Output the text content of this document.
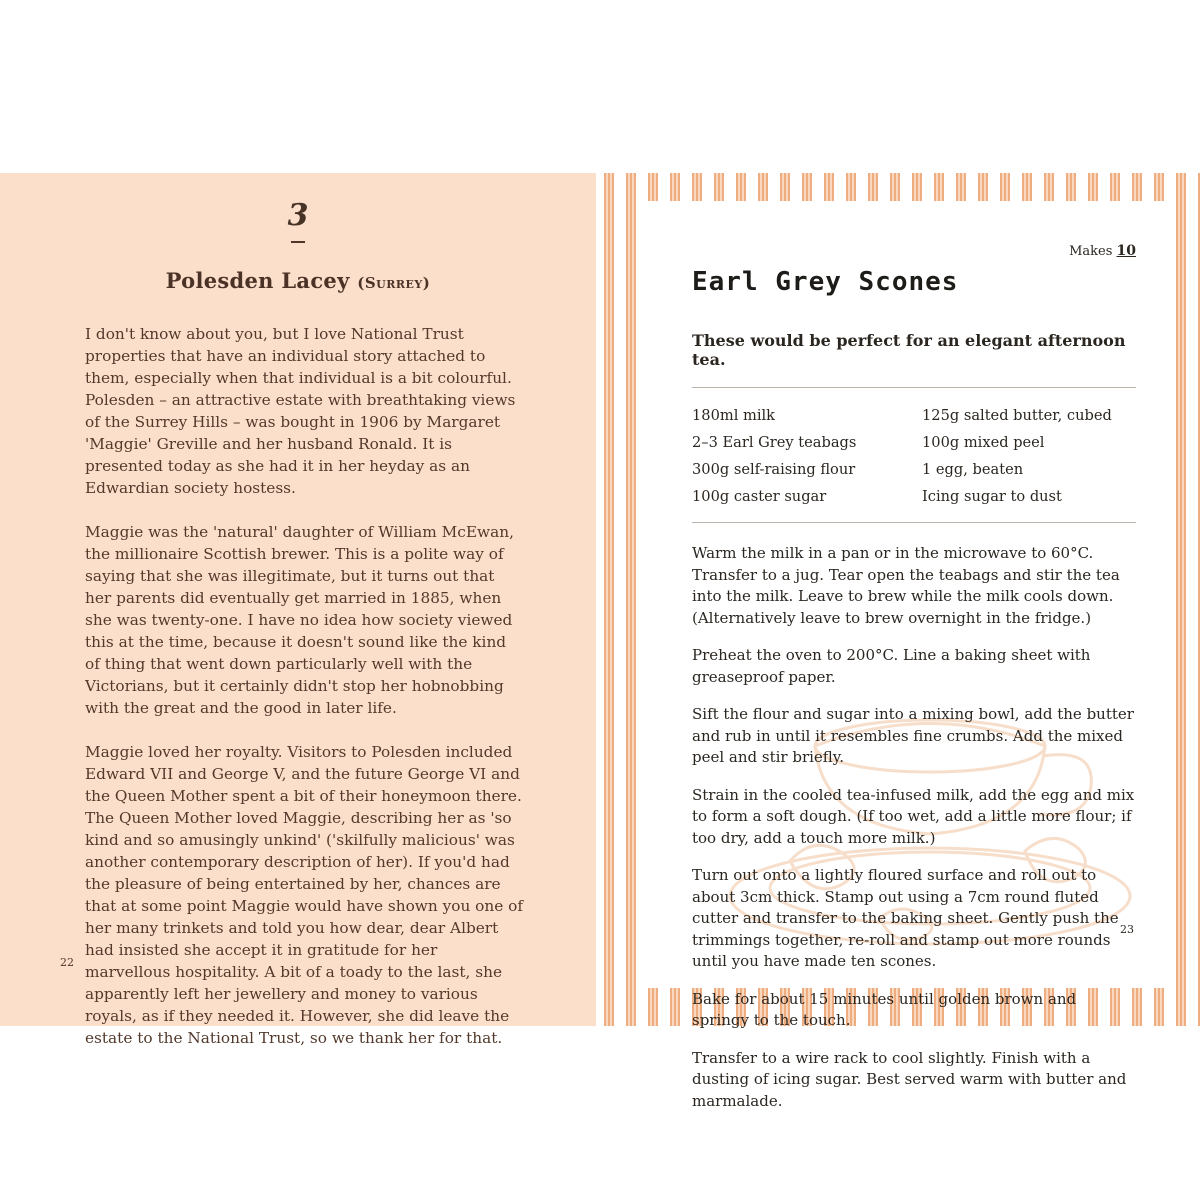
3
Polesden Lacey (Surrey)

I don't know about you, but I love National Trust properties that have an individual story attached to them, especially when that individual is a bit colourful. Polesden – an attractive estate with breathtaking views of the Surrey Hills – was bought in 1906 by Margaret 'Maggie' Greville and her husband Ronald. It is presented today as she had it in her heyday as an Edwardian society hostess.

Maggie was the 'natural' daughter of William McEwan, the millionaire Scottish brewer. This is a polite way of saying that she was illegitimate, but it turns out that her parents did eventually get married in 1885, when she was twenty-one. I have no idea how society viewed this at the time, because it doesn't sound like the kind of thing that went down particularly well with the Victorians, but it certainly didn't stop her hobnobbing with the great and the good in later life.

Maggie loved her royalty. Visitors to Polesden included Edward VII and George V, and the future George VI and the Queen Mother spent a bit of their honeymoon there. The Queen Mother loved Maggie, describing her as 'so kind and so amusingly unkind' ('skilfully malicious' was another contemporary description of her). If you'd had the pleasure of being entertained by her, chances are that at some point Maggie would have shown you one of her many trinkets and told you how dear, dear Albert had insisted she accept it in gratitude for her marvellous hospitality. A bit of a toady to the last, she apparently left her jewellery and money to various royals, as if they needed it. However, she did leave the estate to the National Trust, so we thank her for that.

22
Makes 10
Earl Grey Scones
These would be perfect for an elegant afternoon tea.
180ml milk
2–3 Earl Grey teabags
300g self-raising flour
100g caster sugar
125g salted butter, cubed
100g mixed peel
1 egg, beaten
Icing sugar to dust

Warm the milk in a pan or in the microwave to 60°C. Transfer to a jug. Tear open the teabags and stir the tea into the milk. Leave to brew while the milk cools down. (Alternatively leave to brew overnight in the fridge.)

Preheat the oven to 200°C. Line a baking sheet with greaseproof paper.

Sift the flour and sugar into a mixing bowl, add the butter and rub in until it resembles fine crumbs. Add the mixed peel and stir briefly.

Strain in the cooled tea-infused milk, add the egg and mix to form a soft dough. (If too wet, add a little more flour; if too dry, add a touch more milk.)

Turn out onto a lightly floured surface and roll out to about 3cm thick. Stamp out using a 7cm round fluted cutter and transfer to the baking sheet. Gently push the trimmings together, re-roll and stamp out more rounds until you have made ten scones.

Bake for about 15 minutes until golden brown and springy to the touch.

Transfer to a wire rack to cool slightly. Finish with a dusting of icing sugar. Best served warm with butter and marmalade.

23
